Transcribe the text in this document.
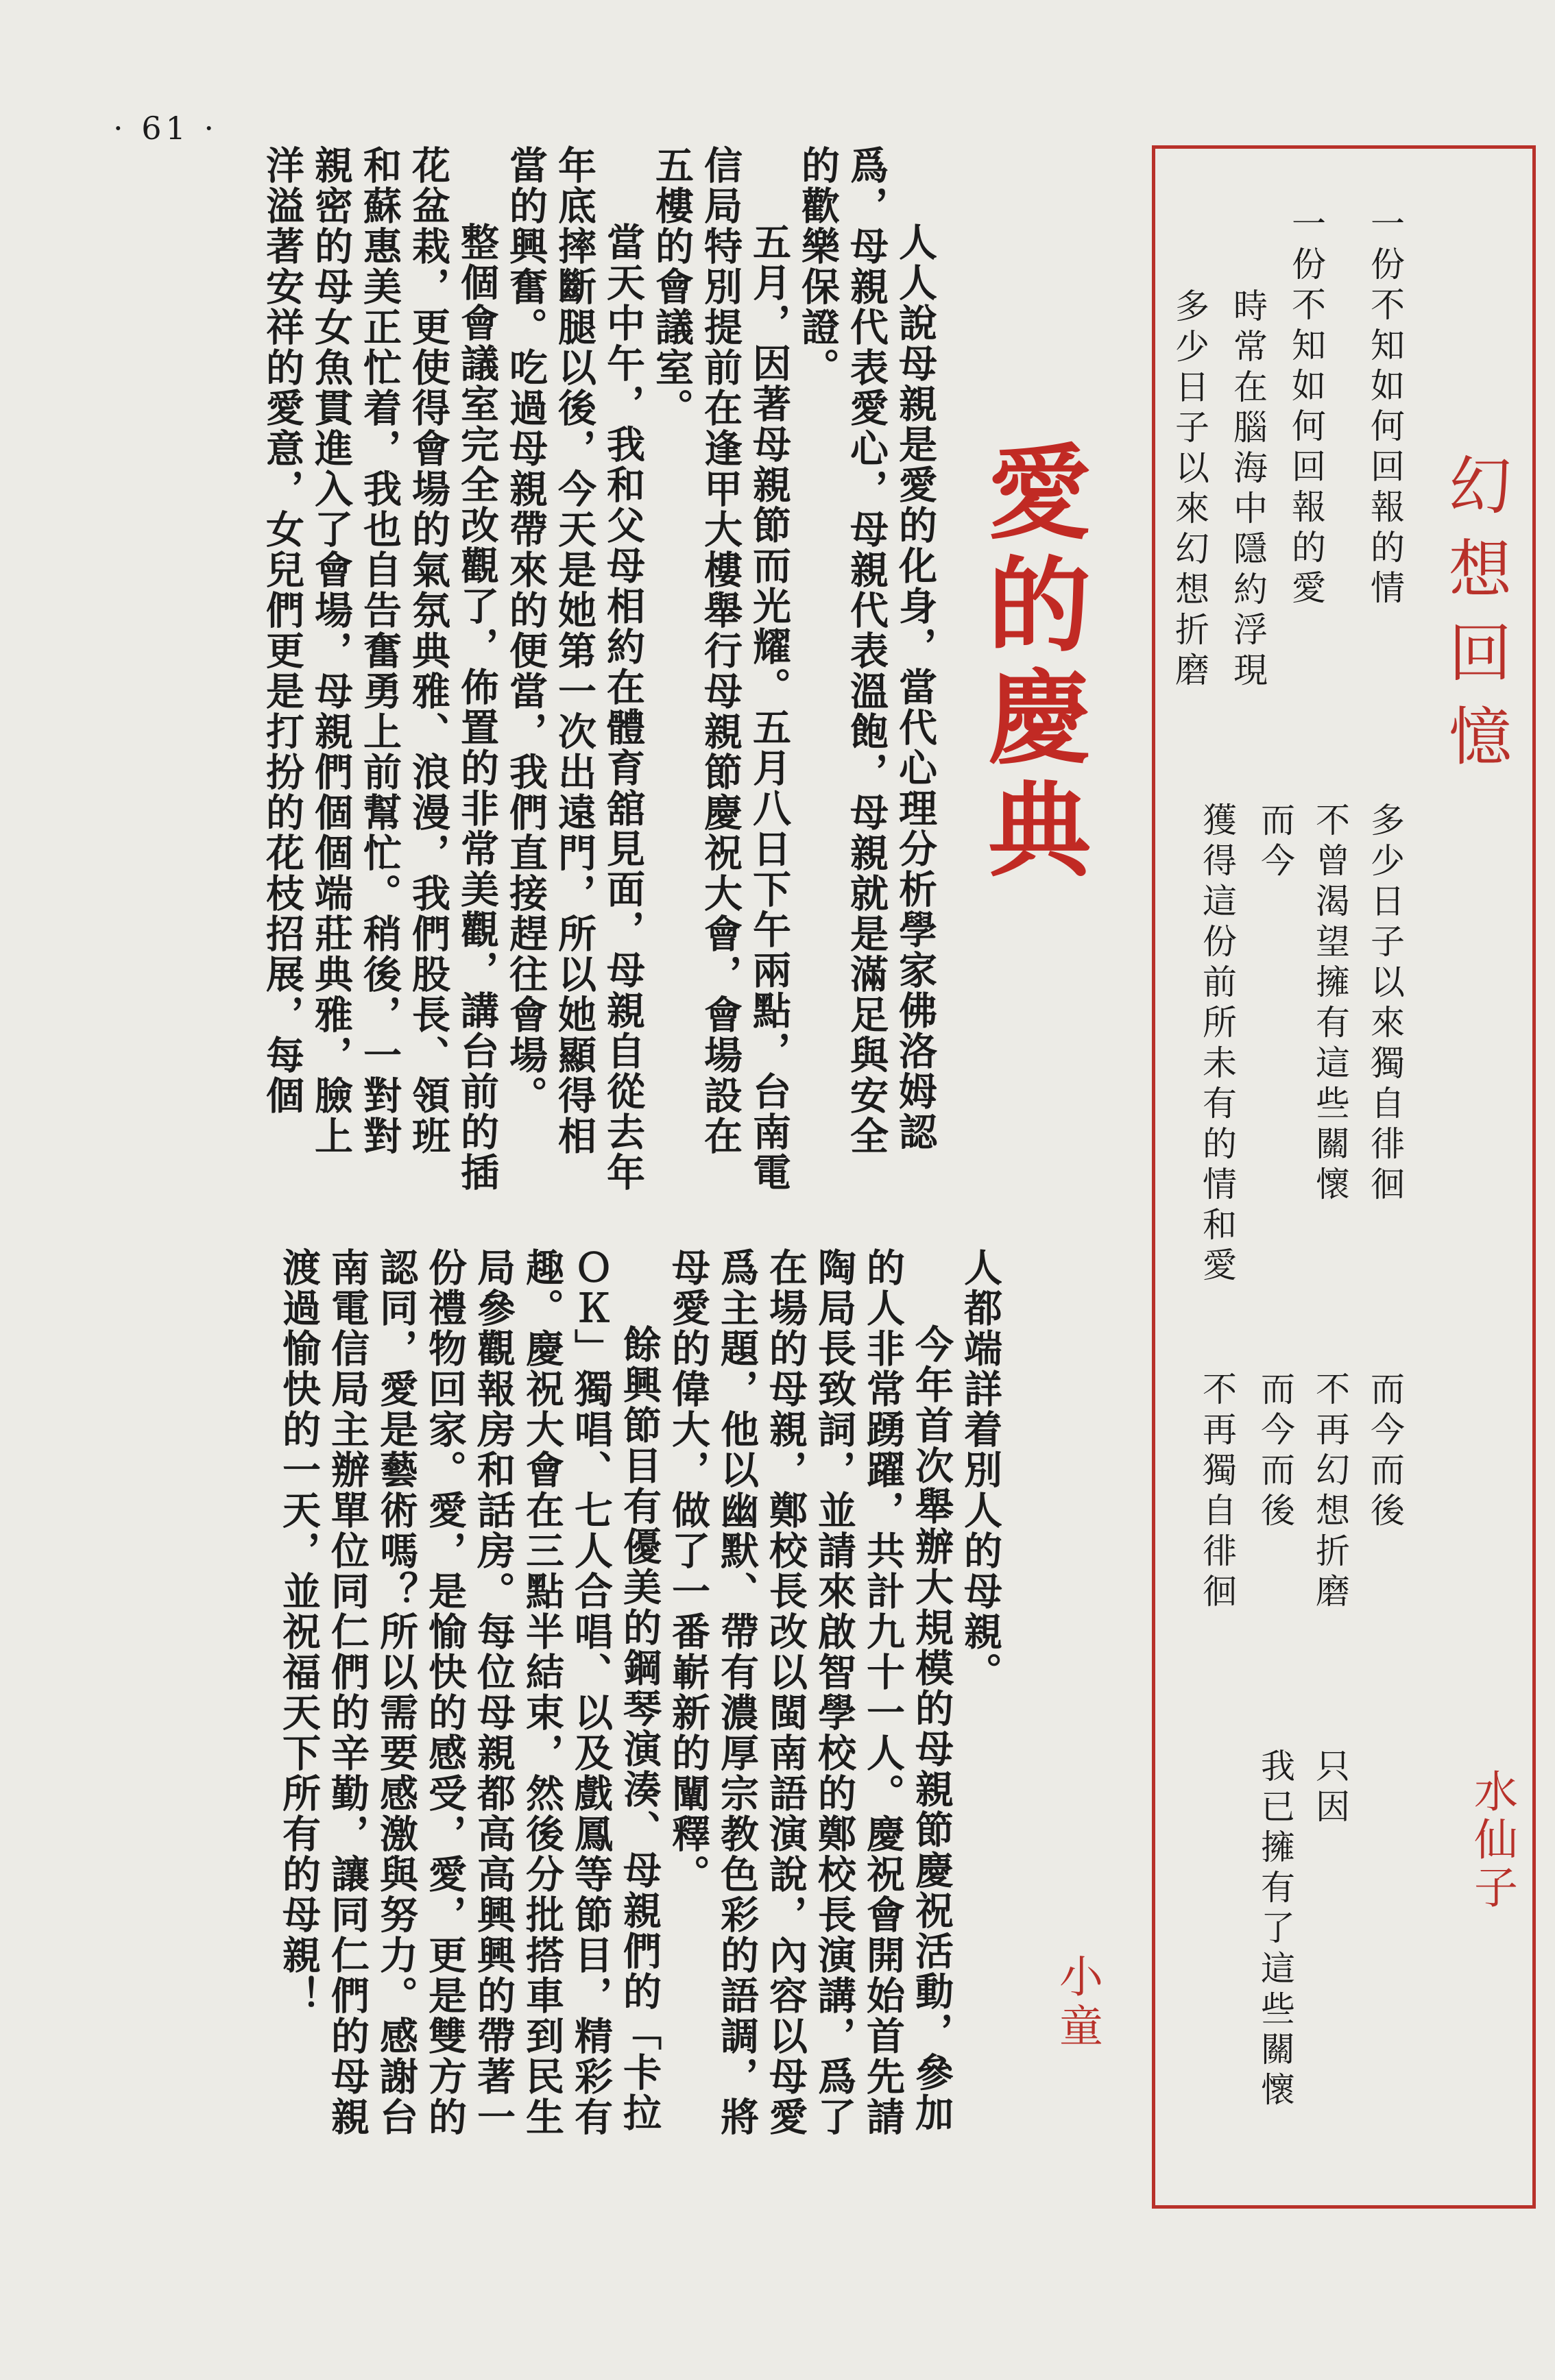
· 61 ·
幻想回憶
水仙子
一份不知如何回報的情
一份不知如何回報的愛
時常在腦海中隱約浮現
多少日子以來幻想折磨
多少日子以來獨自徘徊
不曾渴望擁有這些關懷
而今
獲得這份前所未有的情和愛
而今而後
不再幻想折磨
而今而後
不再獨自徘徊
只因
我已擁有了這些關懷
愛的慶典
小童

人人說母親是愛的化身，當代心理分析學家佛洛姆認爲，母親代表愛心，母親代表溫飽，母親就是滿足與安全的歡樂保證。

五月，因著母親節而光耀。五月八日下午兩點，台南電信局特別提前在逢甲大樓舉行母親節慶祝大會，會場設在五樓的會議室。

當天中午，我和父母相約在體育舘見面，母親自從去年年底摔斷腿以後，今天是她第一次出遠門，所以她顯得相當的興奮。吃過母親帶來的便當，我們直接趕往會場。

整個會議室完全改觀了，佈置的非常美觀，講台前的插花盆栽，更使得會場的氣氛典雅、浪漫，我們股長、領班和蘇惠美正忙着，我也自告奮勇上前幫忙。稍後，一對對親密的母女魚貫進入了會場，母親們個個端莊典雅，臉上洋溢著安祥的愛意，女兒們更是打扮的花枝招展，每個

人都端詳着別人的母親。

今年首次舉辦大規模的母親節慶祝活動，參加的人非常踴躍，共計九十一人。慶祝會開始首先請陶局長致詞，並請來啟智學校的鄭校長演講，爲了在場的母親，鄭校長改以閩南語演說，內容以母愛爲主題，他以幽默、帶有濃厚宗教色彩的語調，將母愛的偉大，做了一番嶄新的闡釋。

餘興節目有優美的鋼琴演湊、母親們的「卡拉ＯＫ」獨唱、七人合唱、以及戲鳳等節目，精彩有趣。慶祝大會在三點半結束，然後分批搭車到民生局參觀報房和話房。每位母親都高高興興的帶著一份禮物回家。愛，是愉快的感受，愛，更是雙方的認同，愛是藝術嗎？所以需要感激與努力。感謝台南電信局主辦單位同仁們的辛勤，讓同仁們的母親渡過愉快的一天，並祝福天下所有的母親！
